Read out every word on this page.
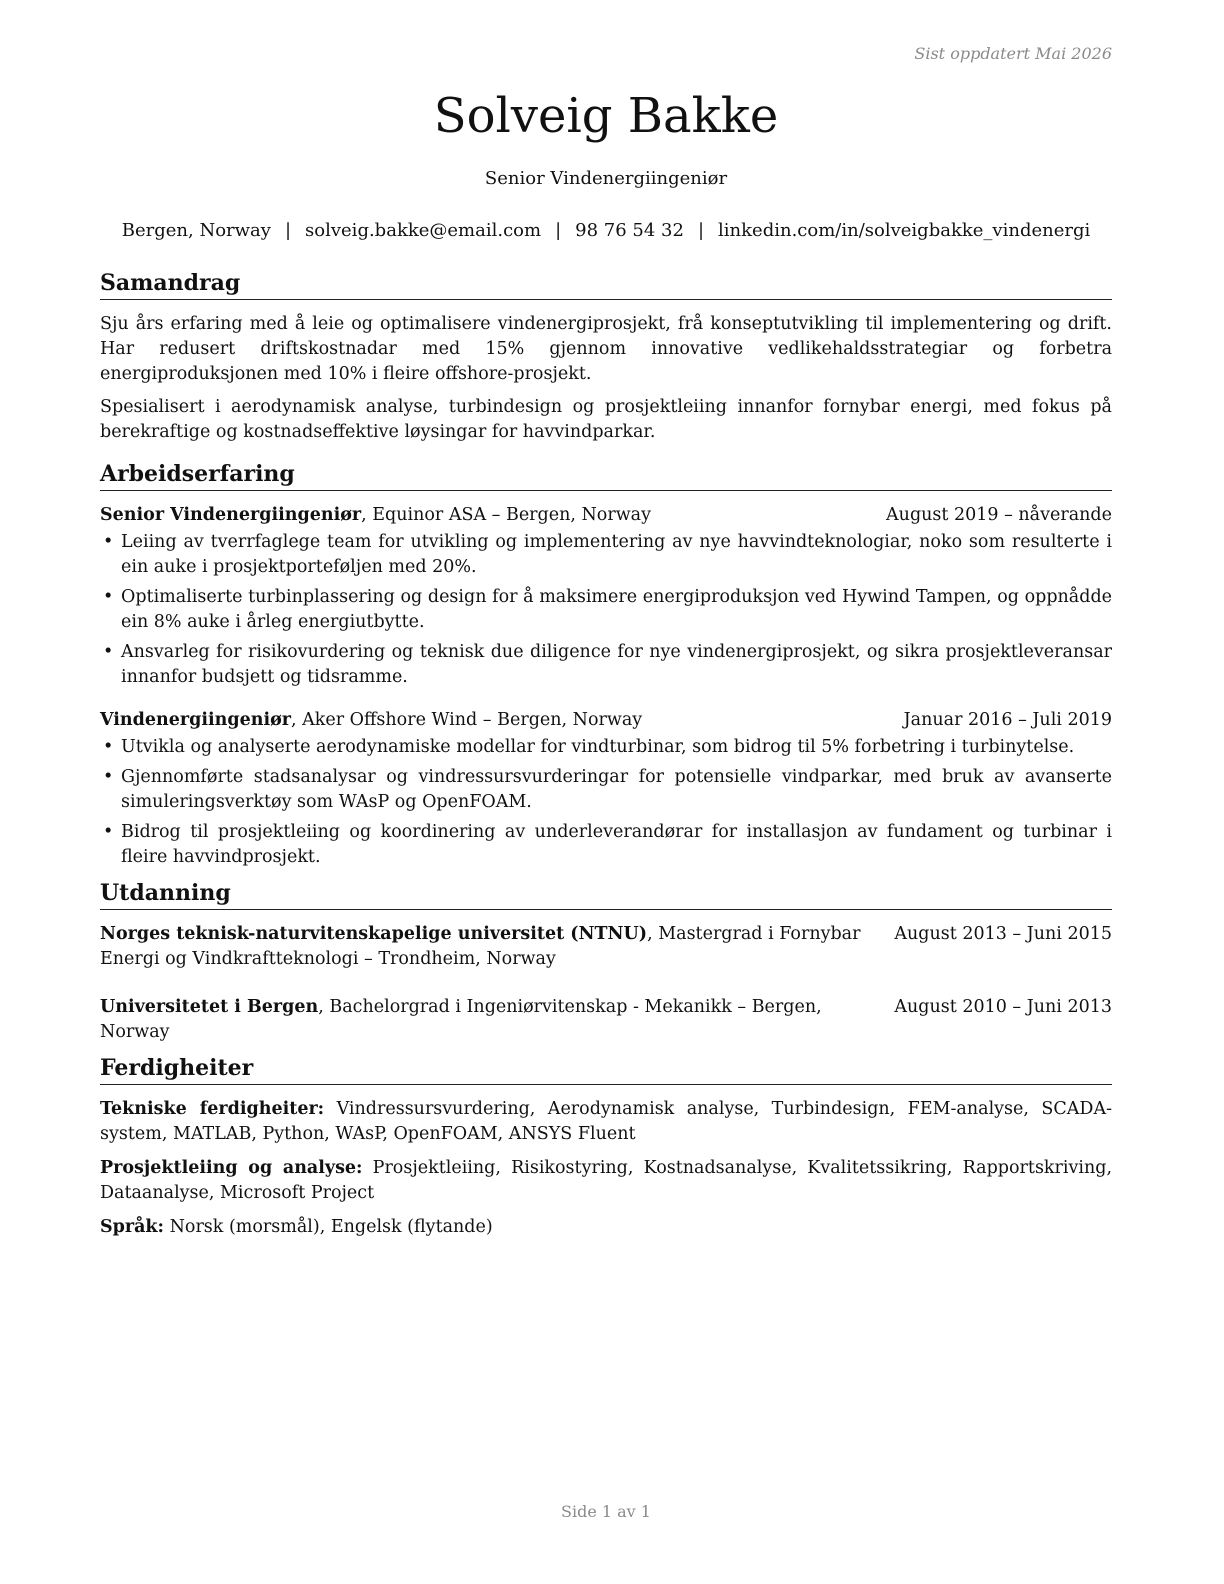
Sist oppdatert Mai 2026
Solveig Bakke
Senior Vindenergiingeniør
Bergen, Norway | solveig.bakke@email.com | 98 76 54 32 | linkedin.com/in/solveigbakke_vindenergi
Samandrag

Sju års erfaring med å leie og optimalisere vindenergiprosjekt, frå konseptutvikling til implementering og drift. Har redusert driftskostnadar med 15% gjennom innovative vedlikehaldsstrategiar og forbetra energiproduksjonen med 10% i fleire offshore-prosjekt.

Spesialisert i aerodynamisk analyse, turbindesign og prosjektleiing innanfor fornybar energi, med fokus på berekraftige og kostnadseffektive løysingar for havvindparkar.

Arbeidserfaring
Senior Vindenergiingeniør, Equinor ASA – Bergen, Norway	August 2019 – nåverande
• Leiing av tverrfaglege team for utvikling og implementering av nye havvindteknologiar, noko som resulterte i ein auke i prosjektporteføljen med 20%.
• Optimaliserte turbinplassering og design for å maksimere energiproduksjon ved Hywind Tampen, og oppnådde ein 8% auke i årleg energiutbytte.
• Ansvarleg for risikovurdering og teknisk due diligence for nye vindenergiprosjekt, og sikra prosjektleveransar innanfor budsjett og tidsramme.
Vindenergiingeniør, Aker Offshore Wind – Bergen, Norway	Januar 2016 – Juli 2019
• Utvikla og analyserte aerodynamiske modellar for vindturbinar, som bidrog til 5% forbetring i turbinytelse.
• Gjennomførte stadsanalysar og vindressursvurderingar for potensielle vindparkar, med bruk av avanserte simuleringsverktøy som WAsP og OpenFOAM.
• Bidrog til prosjektleiing og koordinering av underleverandørar for installasjon av fundament og turbinar i fleire havvindprosjekt.
Utdanning
Norges teknisk-naturvitenskapelige universitet (NTNU), Mastergrad i Fornybar Energi og Vindkraftteknologi – Trondheim, Norway
August 2013 – Juni 2015
Universitetet i Bergen, Bachelorgrad i Ingeniørvitenskap - Mekanikk – Bergen, Norway
August 2010 – Juni 2013
Ferdigheiter
Tekniske ferdigheiter: Vindressursvurdering, Aerodynamisk analyse, Turbindesign, FEM-analyse, SCADA-system, MATLAB, Python, WAsP, OpenFOAM, ANSYS Fluent
Prosjektleiing og analyse: Prosjektleiing, Risikostyring, Kostnadsanalyse, Kvalitetssikring, Rapportskriving, Dataanalyse, Microsoft Project
Språk: Norsk (morsmål), Engelsk (flytande)
Side 1 av 1
